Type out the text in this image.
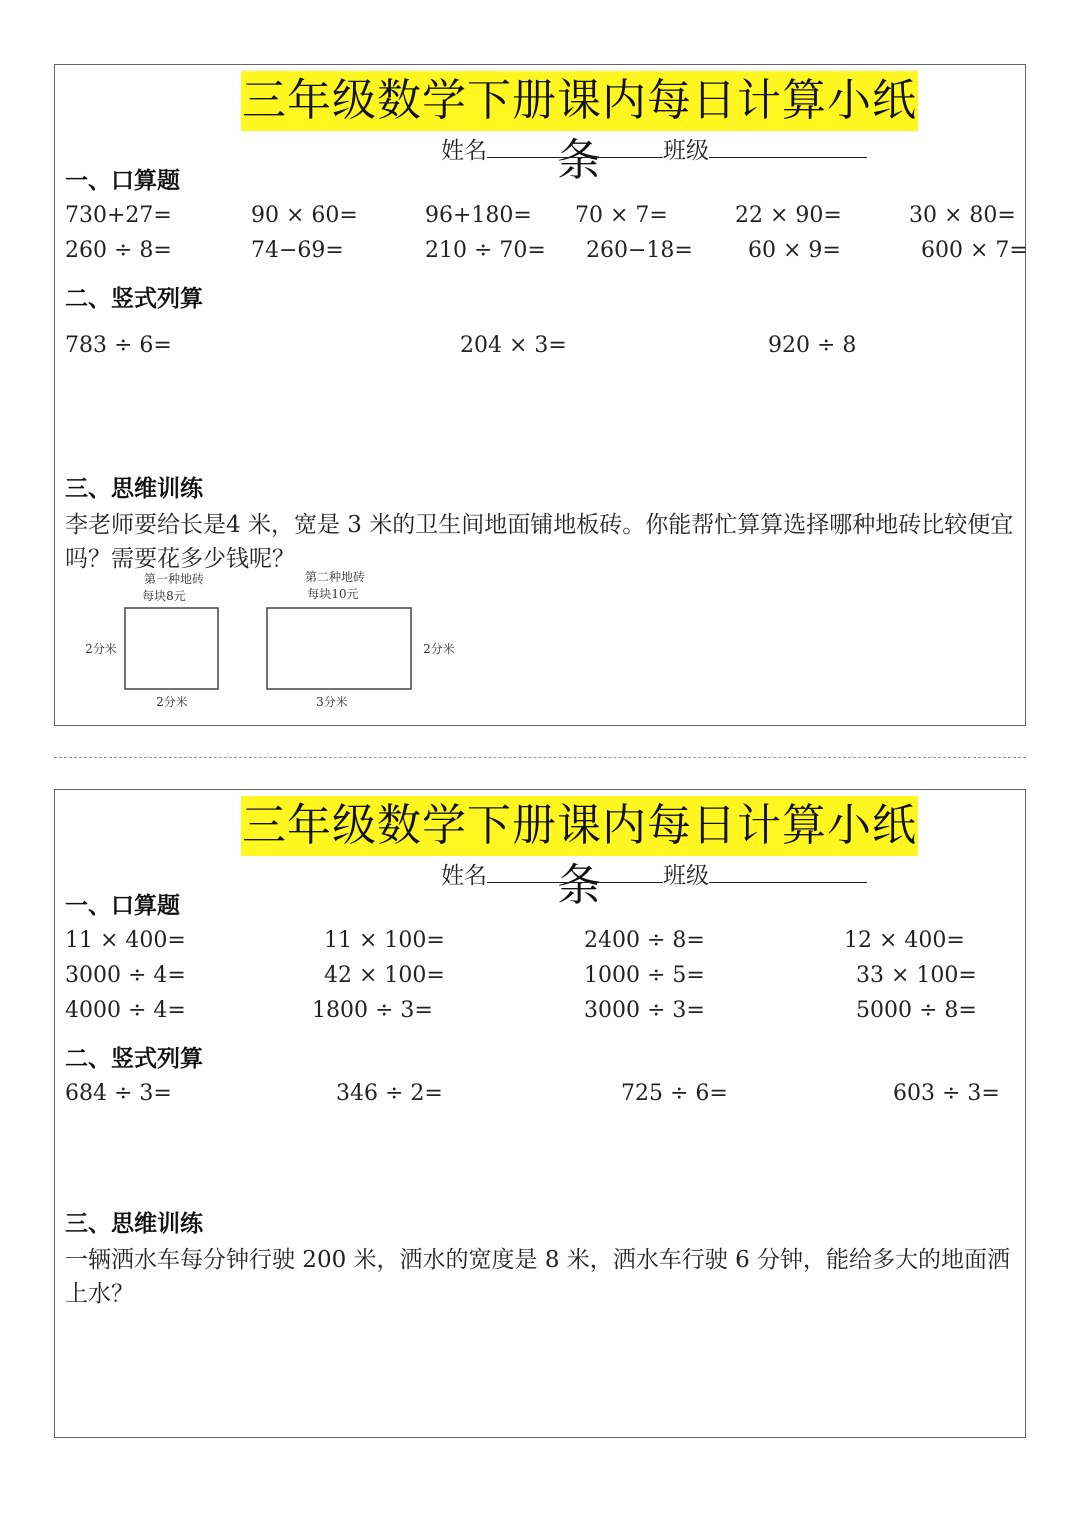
三年级数学下册课内每日计算小纸条
姓名	班级
一、口算题
730+27=	90 × 60=	96+180= 70 × 7=	22 × 90=	30 × 80=
260 ÷ 8=	74−69=	210 ÷ 70= 260−18=	60 × 9=	600 × 7=
二、竖式列算
783 ÷ 6=	204 × 3=	920 ÷ 8
三、思维训练
李老师要给长是4 米，宽是 3 米的卫生间地面铺地板砖。你能帮忙算算选择哪种地砖比较便宜吗？需要花多少钱呢？
第一种地砖
每块8元
2分米
2分米
第二种地砖
每块10元
2分米
3分米
三年级数学下册课内每日计算小纸条
姓名	班级
一、口算题
11 × 400=	11 × 100=	2400 ÷ 8=	12 × 400=
3000 ÷ 4=	42 × 100=	1000 ÷ 5=	33 × 100=
4000 ÷ 4=	1800 ÷ 3=	3000 ÷ 3=	5000 ÷ 8=
二、竖式列算
684 ÷ 3=	346 ÷ 2=	725 ÷ 6=	603 ÷ 3=
三、思维训练
一辆洒水车每分钟行驶 200 米，洒水的宽度是 8 米，洒水车行驶 6 分钟，能给多大的地面洒上水？
